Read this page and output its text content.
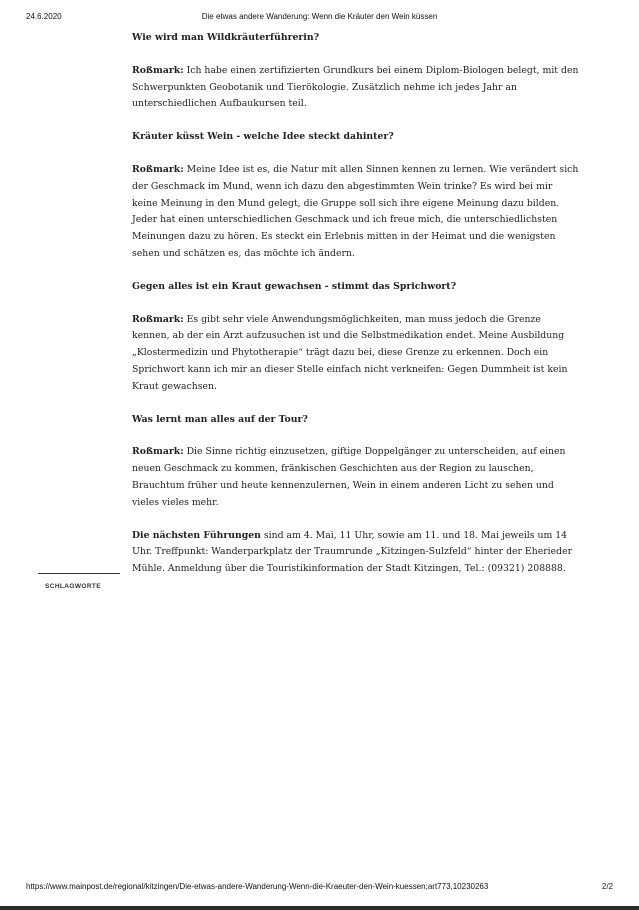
24.6.2020	Die etwas andere Wanderung: Wenn die Kräuter den Wein küssen

Wie wird man Wildkräuterführerin?

Roßmark: Ich habe einen zertifizierten Grundkurs bei einem Diplom-Biologen belegt, mit den Schwerpunkten Geobotanik und Tierökologie. Zusätzlich nehme ich jedes Jahr an unterschiedlichen Aufbaukursen teil.

Kräuter küsst Wein - welche Idee steckt dahinter?

Roßmark: Meine Idee ist es, die Natur mit allen Sinnen kennen zu lernen. Wie verändert sich der Geschmack im Mund, wenn ich dazu den abgestimmten Wein trinke? Es wird bei mir keine Meinung in den Mund gelegt, die Gruppe soll sich ihre eigene Meinung dazu bilden. Jeder hat einen unterschiedlichen Geschmack und ich freue mich, die unterschiedlichsten Meinungen dazu zu hören. Es steckt ein Erlebnis mitten in der Heimat und die wenigsten sehen und schätzen es, das möchte ich ändern.

Gegen alles ist ein Kraut gewachsen - stimmt das Sprichwort?

Roßmark: Es gibt sehr viele Anwendungsmöglichkeiten, man muss jedoch die Grenze kennen, ab der ein Arzt aufzusuchen ist und die Selbstmedikation endet. Meine Ausbildung „Klostermedizin und Phytotherapie“ trägt dazu bei, diese Grenze zu erkennen. Doch ein Sprichwort kann ich mir an dieser Stelle einfach nicht verkneifen: Gegen Dummheit ist kein Kraut gewachsen.

Was lernt man alles auf der Tour?

Roßmark: Die Sinne richtig einzusetzen, giftige Doppelgänger zu unterscheiden, auf einen neuen Geschmack zu kommen, fränkischen Geschichten aus der Region zu lauschen, Brauchtum früher und heute kennenzulernen, Wein in einem anderen Licht zu sehen und vieles vieles mehr.

Die nächsten Führungen sind am 4. Mai, 11 Uhr, sowie am 11. und 18. Mai jeweils um 14 Uhr. Treffpunkt: Wanderparkplatz der Traumrunde „Kitzingen-Sulzfeld“ hinter der Eherieder Mühle. Anmeldung über die Touristikinformation der Stadt Kitzingen, Tel.: (09321) 208888.

SCHLAGWORTE
https://www.mainpost.de/regional/kitzingen/Die-etwas-andere-Wanderung-Wenn-die-Kraeuter-den-Wein-kuessen;art773,10230263	2/2
